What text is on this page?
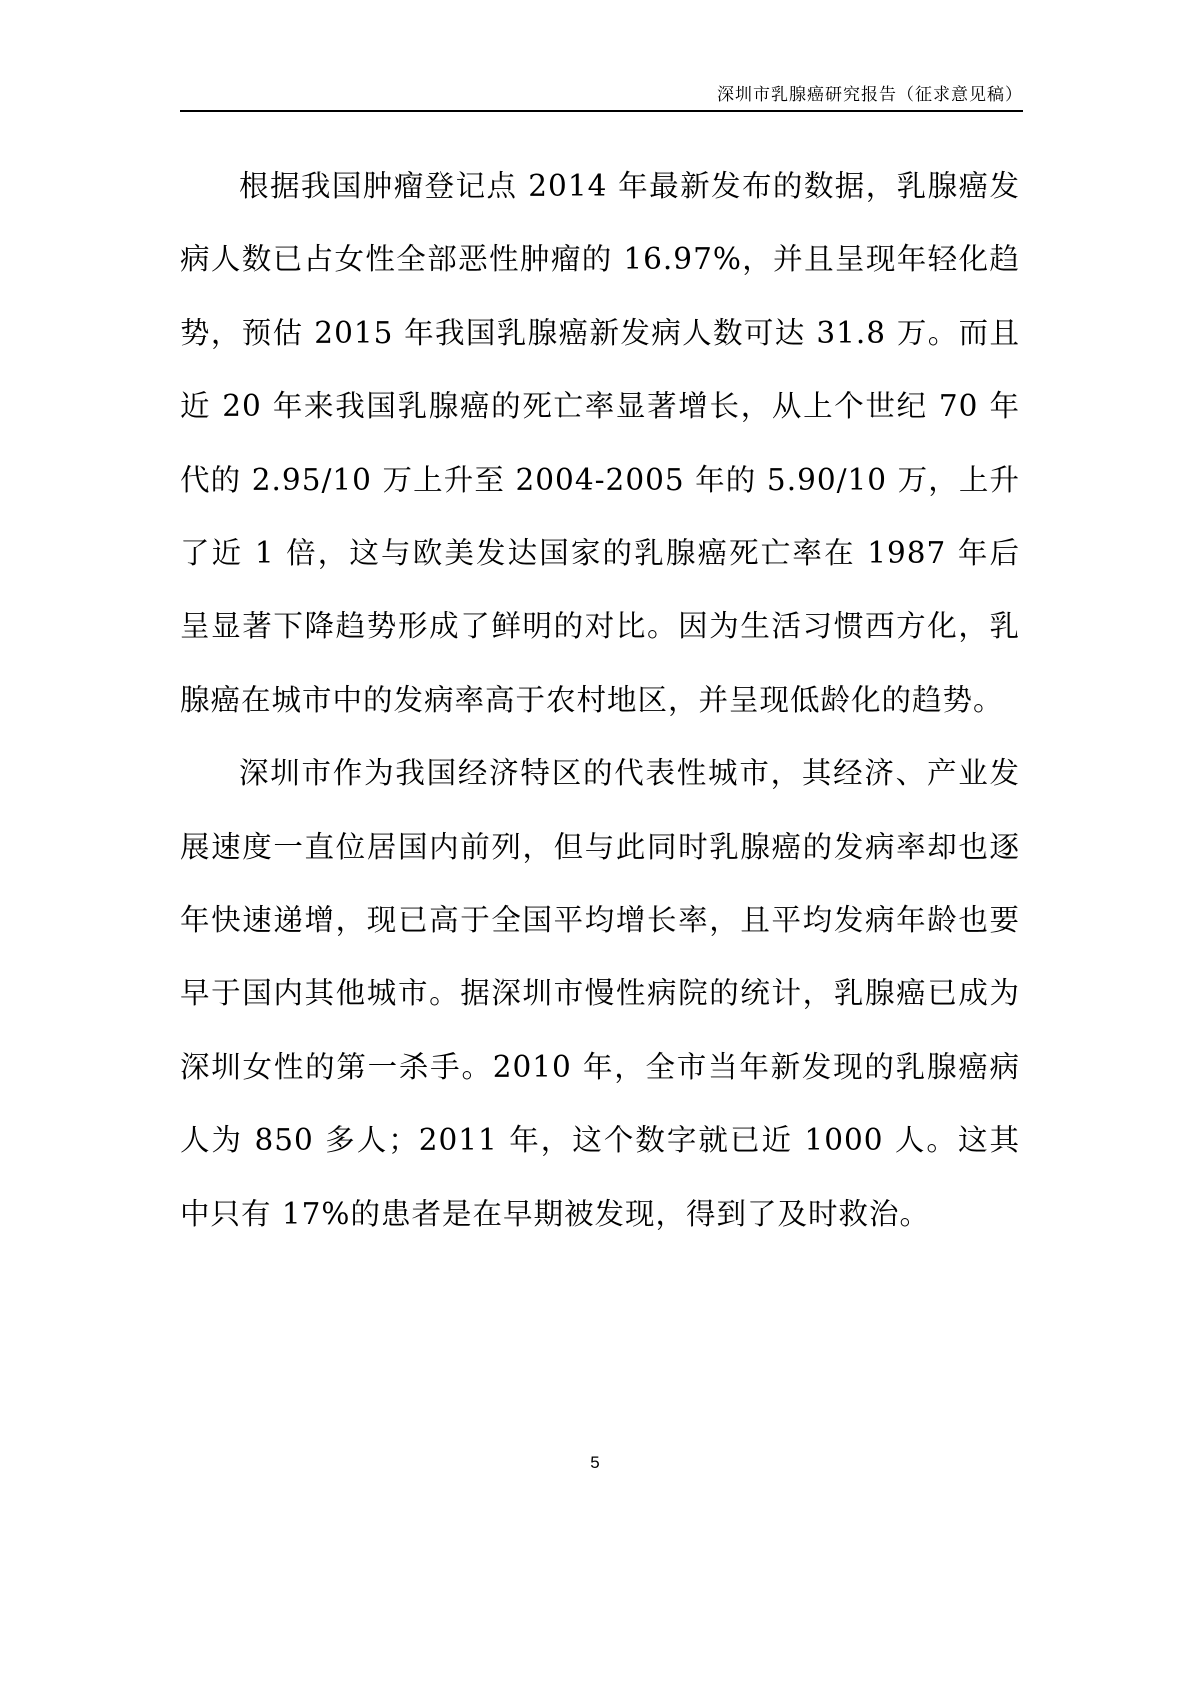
深圳市乳腺癌研究报告（征求意见稿）

根据我国肿瘤登记点 2014 年最新发布的数据，乳腺癌发病人数已占女性全部恶性肿瘤的 16.97%，并且呈现年轻化趋势，预估 2015 年我国乳腺癌新发病人数可达 31.8 万。而且近 20 年来我国乳腺癌的死亡率显著增长，从上个世纪 70 年代的 2.95/10 万上升至 2004-2005 年的 5.90/10 万，上升了近 1 倍，这与欧美发达国家的乳腺癌死亡率在 1987 年后呈显著下降趋势形成了鲜明的对比。因为生活习惯西方化，乳腺癌在城市中的发病率高于农村地区，并呈现低龄化的趋势。

深圳市作为我国经济特区的代表性城市，其经济、产业发展速度一直位居国内前列，但与此同时乳腺癌的发病率却也逐年快速递增，现已高于全国平均增长率，且平均发病年龄也要早于国内其他城市。据深圳市慢性病院的统计，乳腺癌已成为深圳女性的第一杀手。2010 年，全市当年新发现的乳腺癌病人为 850 多人；2011 年，这个数字就已近 1000 人。这其中只有 17%的患者是在早期被发现，得到了及时救治。

5
